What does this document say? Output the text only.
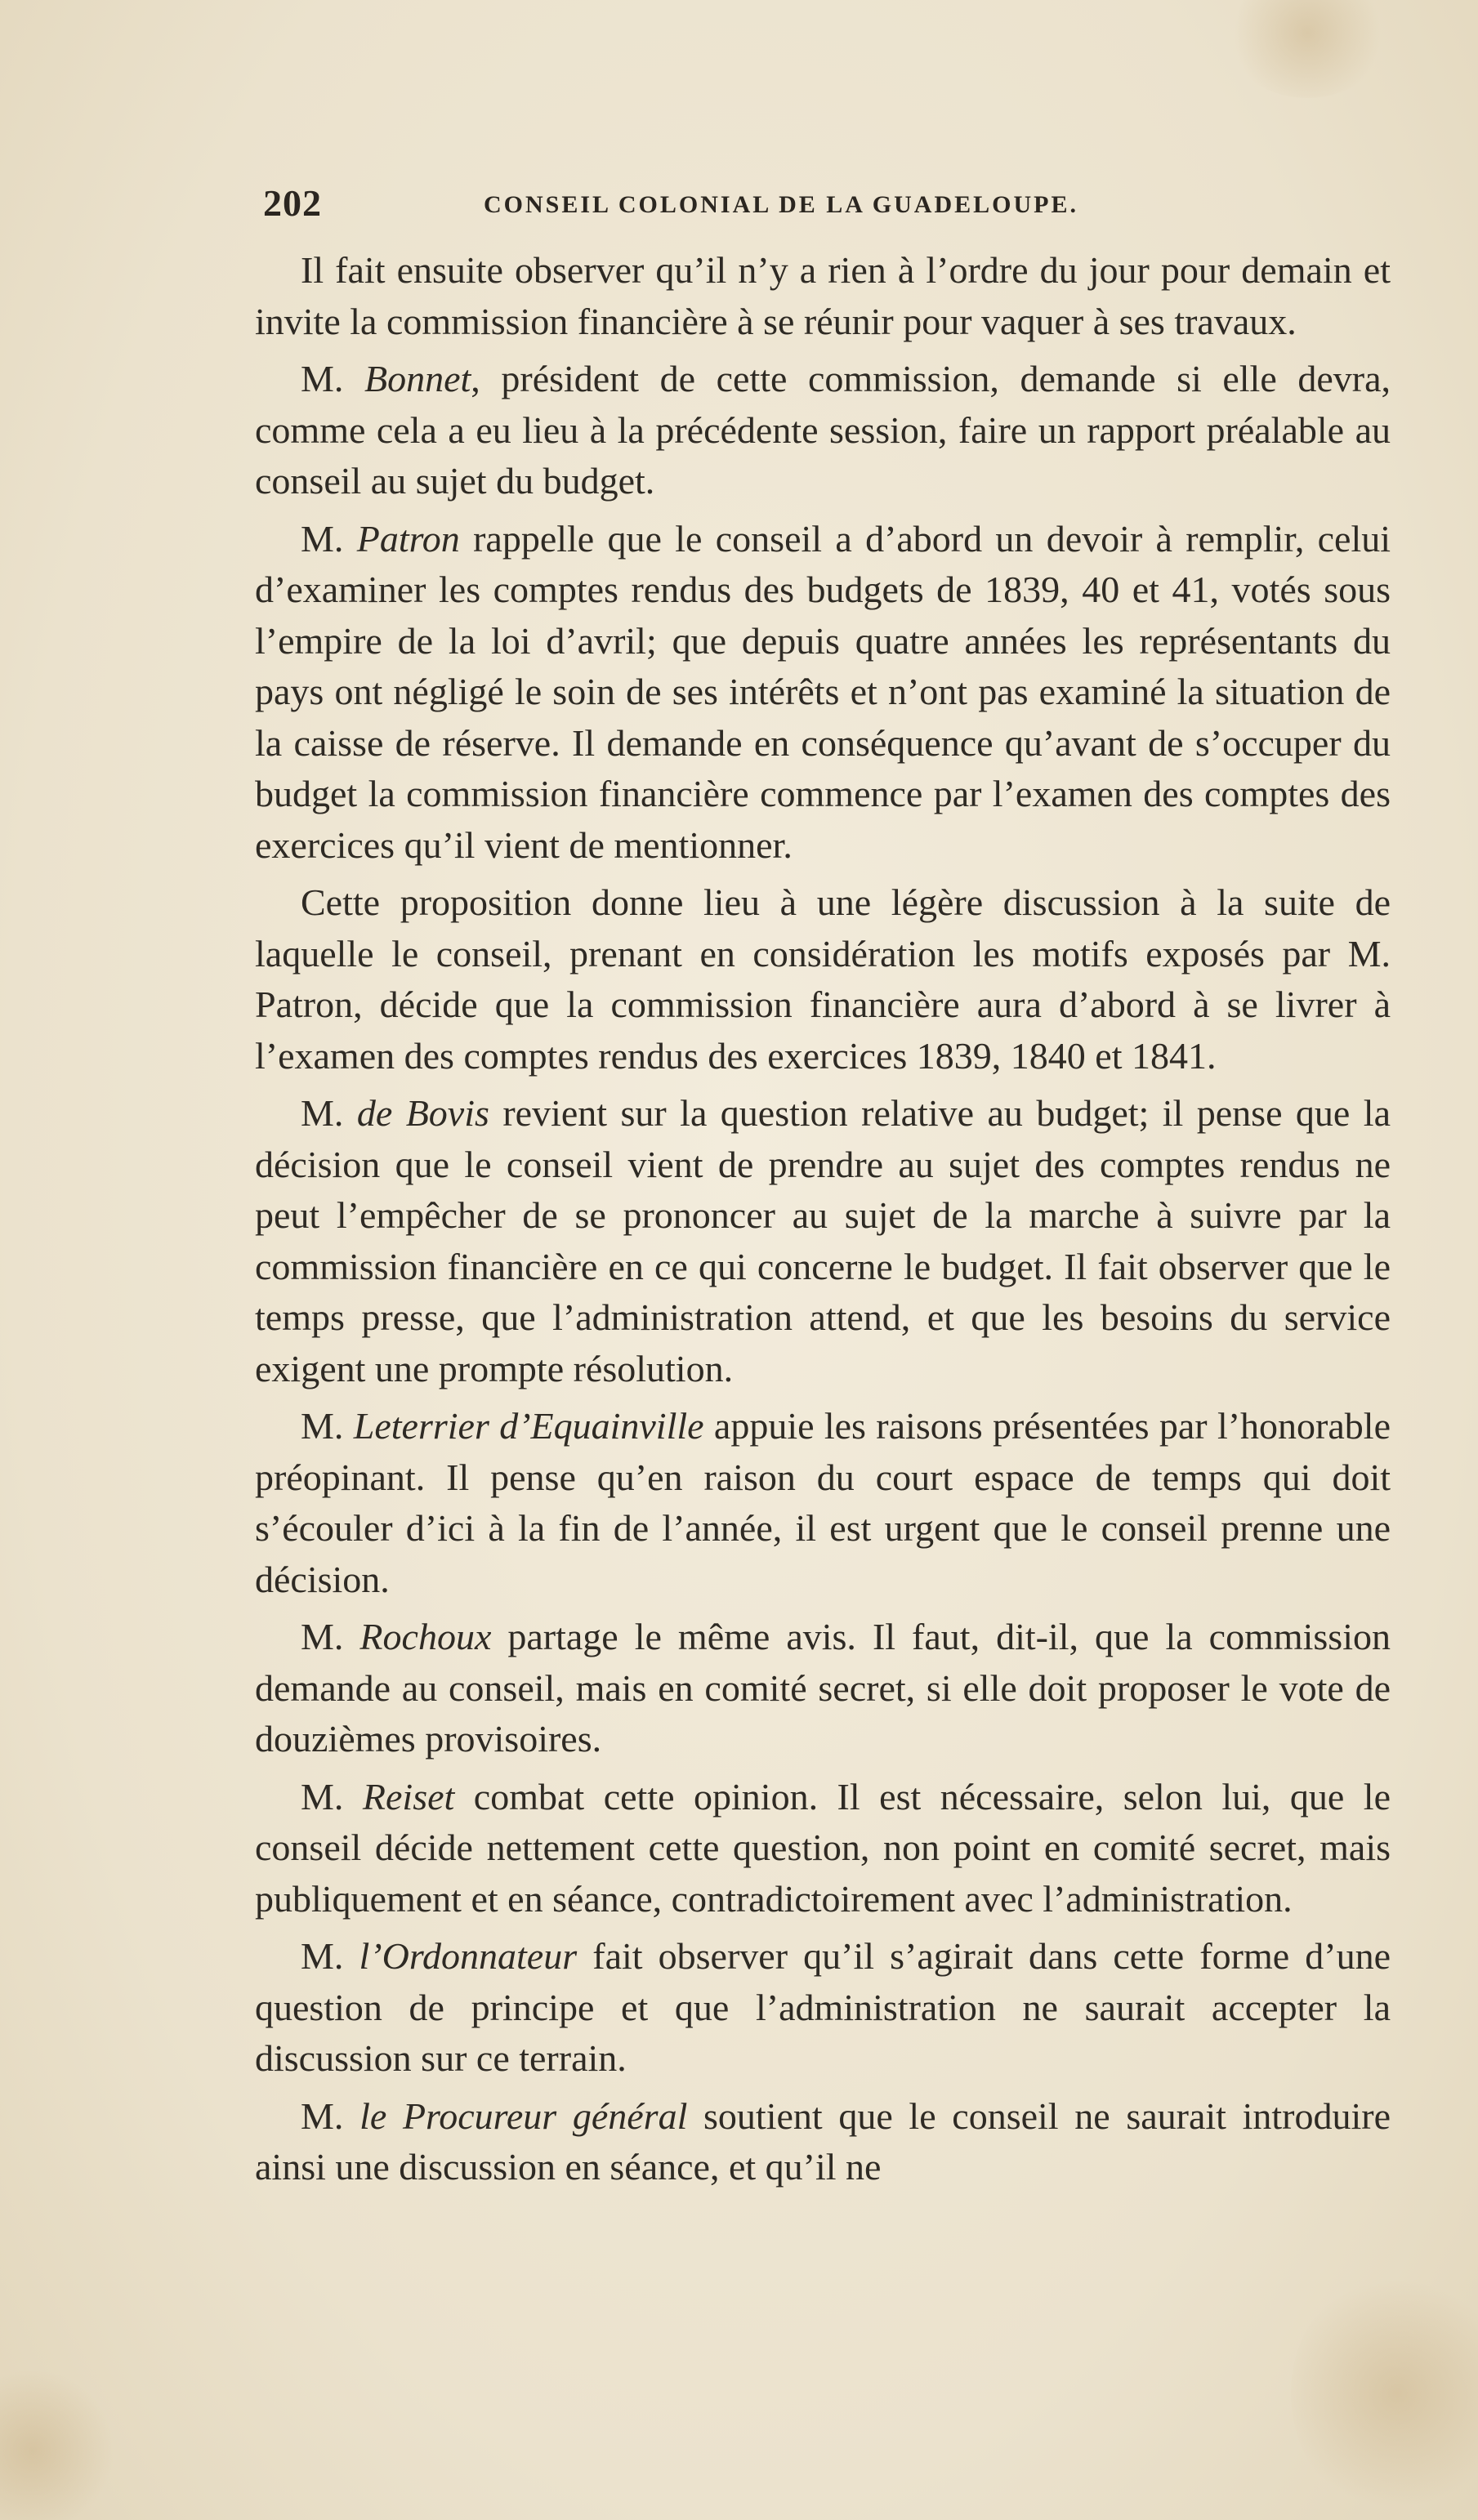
202	CONSEIL COLONIAL DE LA GUADELOUPE.

Il fait ensuite observer qu’il n’y a rien à l’ordre du jour pour demain et invite la commission financière à se réunir pour vaquer à ses travaux.

M. Bonnet, président de cette commission, demande si elle devra, comme cela a eu lieu à la précédente session, faire un rapport préalable au conseil au sujet du budget.

M. Patron rappelle que le conseil a d’abord un devoir à remplir, celui d’examiner les comptes rendus des budgets de 1839, 40 et 41, votés sous l’empire de la loi d’avril; que depuis quatre années les représentants du pays ont négligé le soin de ses intérêts et n’ont pas examiné la situation de la caisse de réserve. Il demande en conséquence qu’avant de s’occuper du budget la commission financière commence par l’examen des comptes des exercices qu’il vient de mentionner.

Cette proposition donne lieu à une légère discussion à la suite de laquelle le conseil, prenant en considération les motifs exposés par M. Patron, décide que la commission financière aura d’abord à se livrer à l’examen des comptes rendus des exercices 1839, 1840 et 1841.

M. de Bovis revient sur la question relative au budget; il pense que la décision que le conseil vient de prendre au sujet des comptes rendus ne peut l’empêcher de se prononcer au sujet de la marche à suivre par la commission financière en ce qui concerne le budget. Il fait observer que le temps presse, que l’administration attend, et que les besoins du service exigent une prompte résolution.

M. Leterrier d’Equainville appuie les raisons présentées par l’honorable préopinant. Il pense qu’en raison du court espace de temps qui doit s’écouler d’ici à la fin de l’année, il est urgent que le conseil prenne une décision.

M. Rochoux partage le même avis. Il faut, dit-il, que la commission demande au conseil, mais en comité secret, si elle doit proposer le vote de douzièmes provisoires.

M. Reiset combat cette opinion. Il est nécessaire, selon lui, que le conseil décide nettement cette question, non point en comité secret, mais publiquement et en séance, contradictoirement avec l’administration.

M. l’Ordonnateur fait observer qu’il s’agirait dans cette forme d’une question de principe et que l’administration ne saurait accepter la discussion sur ce terrain.

M. le Procureur général soutient que le conseil ne saurait introduire ainsi une discussion en séance, et qu’il ne
